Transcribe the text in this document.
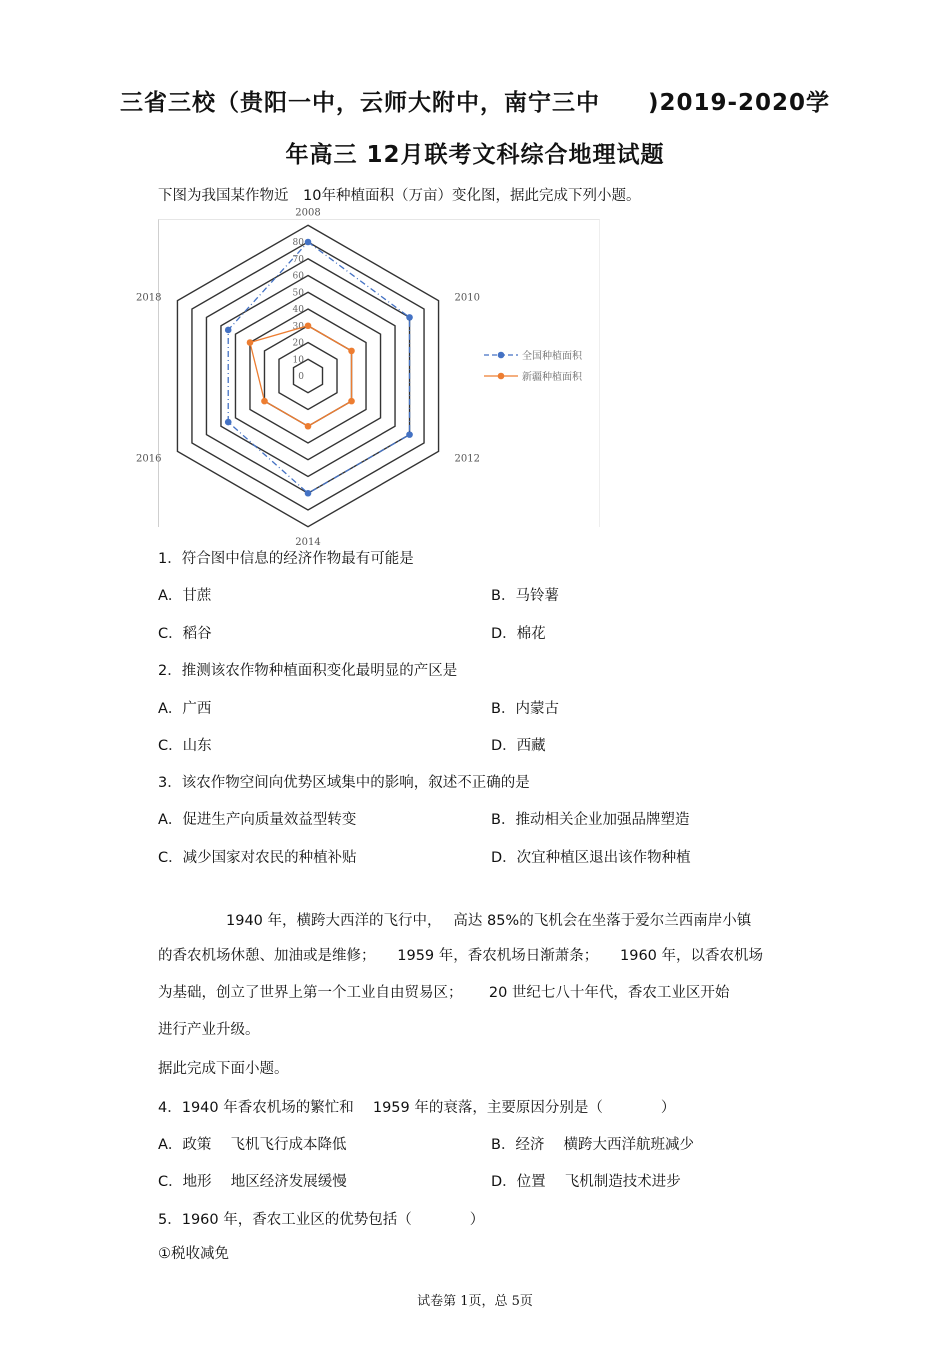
三省三校（贵阳一中，云师大附中，南宁三中　　)2019-2020学
年高三 12月联考文科综合地理试题
下图为我国某作物近　10年种植面积（万亩）变化图，据此完成下列小题。
0
10
20
30
40
50
60
70
80
2008
2010
2012
2014
2016
2018
全国种植面积
新疆种植面积
1．符合图中信息的经济作物最有可能是
A．甘蔗	B．马铃薯
C．稻谷	D．棉花
2．推测该农作物种植面积变化最明显的产区是
A．广西	B．内蒙古
C．山东	D．西藏
3．该农作物空间向优势区域集中的影响，叙述不正确的是
A．促进生产向质量效益型转变	B．推动相关企业加强品牌塑造
C．减少国家对农民的种植补贴	D．次宜种植区退出该作物种植
1940 年，横跨大西洋的飞行中，　 高达 85%的飞机会在坐落于爱尔兰西南岸小镇
的香农机场休憩、加油或是维修；　　1959 年，香农机场日渐萧条；　　1960 年，以香农机场
为基础，创立了世界上第一个工业自由贸易区；　　 20 世纪七八十年代，香农工业区开始
进行产业升级。
据此完成下面小题。
4．1940 年香农机场的繁忙和　 1959 年的衰落，主要原因分别是（　　　　）
A．政策　 飞机飞行成本降低	B．经济　 横跨大西洋航班减少
C．地形　 地区经济发展缓慢	D．位置　 飞机制造技术进步
5．1960 年，香农工业区的优势包括（　　　　）
①税收减免
试卷第 1页，总 5页
